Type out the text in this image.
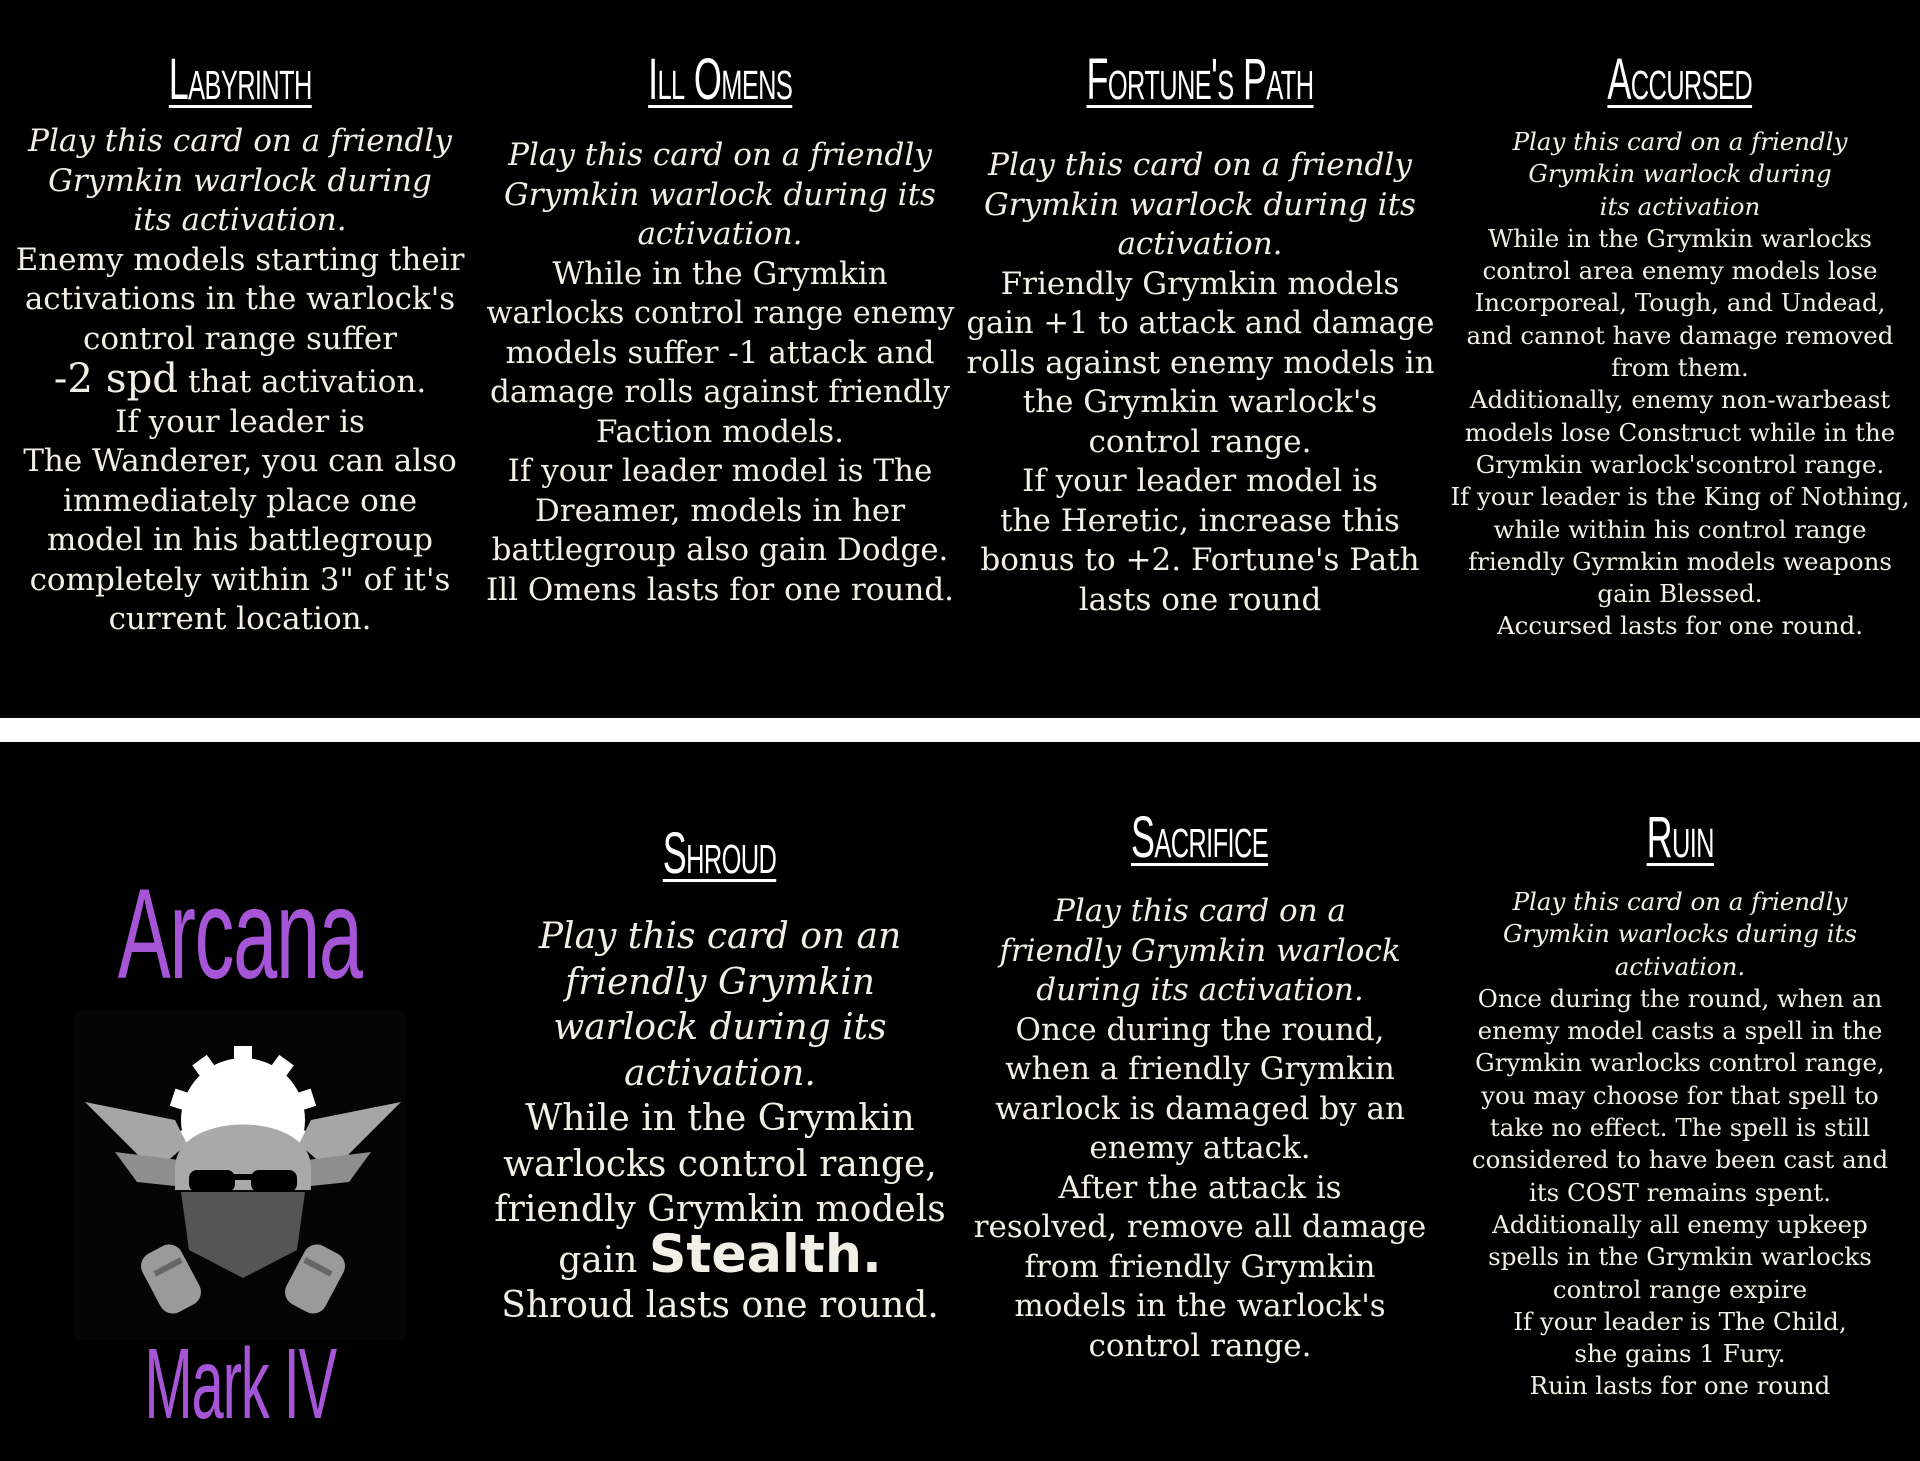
Labyrinth
Play this card on a friendly
Grymkin warlock during
its activation.
Enemy models starting their
activations in the warlock's
control range suffer
-2 spd that activation.
If your leader is
The Wanderer, you can also
immediately place one
model in his battlegroup
completely within 3" of it's
current location.
Ill Omens
Play this card on a friendly
Grymkin warlock during its
activation.
While in the Grymkin
warlocks control range enemy
models suffer -1 attack and
damage rolls against friendly
Faction models.
If your leader model is The
Dreamer, models in her
battlegroup also gain Dodge.
Ill Omens lasts for one round.
Fortune's Path
Play this card on a friendly
Grymkin warlock during its
activation.
Friendly Grymkin models
gain +1 to attack and damage
rolls against enemy models in
the Grymkin warlock's
control range.
If your leader model is
the Heretic, increase this
bonus to +2. Fortune's Path
lasts one round
Accursed
Play this card on a friendly
Grymkin warlock during
its activation
While in the Grymkin warlocks
control area enemy models lose
Incorporeal, Tough, and Undead,
and cannot have damage removed
from them.
Additionally, enemy non-warbeast
models lose Construct while in the
Grymkin warlock'scontrol range.
If your leader is the King of Nothing,
while within his control range
friendly Gyrmkin models weapons
gain Blessed.
Accursed lasts for one round.
Arcana
Mark IV
Shroud
Play this card on an
friendly Grymkin
warlock during its
activation.
While in the Grymkin
warlocks control range,
friendly Grymkin models
gain Stealth.
Shroud lasts one round.
Sacrifice
Play this card on a
friendly Grymkin warlock
during its activation.
Once during the round,
when a friendly Grymkin
warlock is damaged by an
enemy attack.
After the attack is
resolved, remove all damage
from friendly Grymkin
models in the warlock's
control range.
Ruin
Play this card on a friendly
Grymkin warlocks during its
activation.
Once during the round, when an
enemy model casts a spell in the
Grymkin warlocks control range,
you may choose for that spell to
take no effect. The spell is still
considered to have been cast and
its COST remains spent.
Additionally all enemy upkeep
spells in the Grymkin warlocks
control range expire
If your leader is The Child,
she gains 1 Fury.
Ruin lasts for one round
